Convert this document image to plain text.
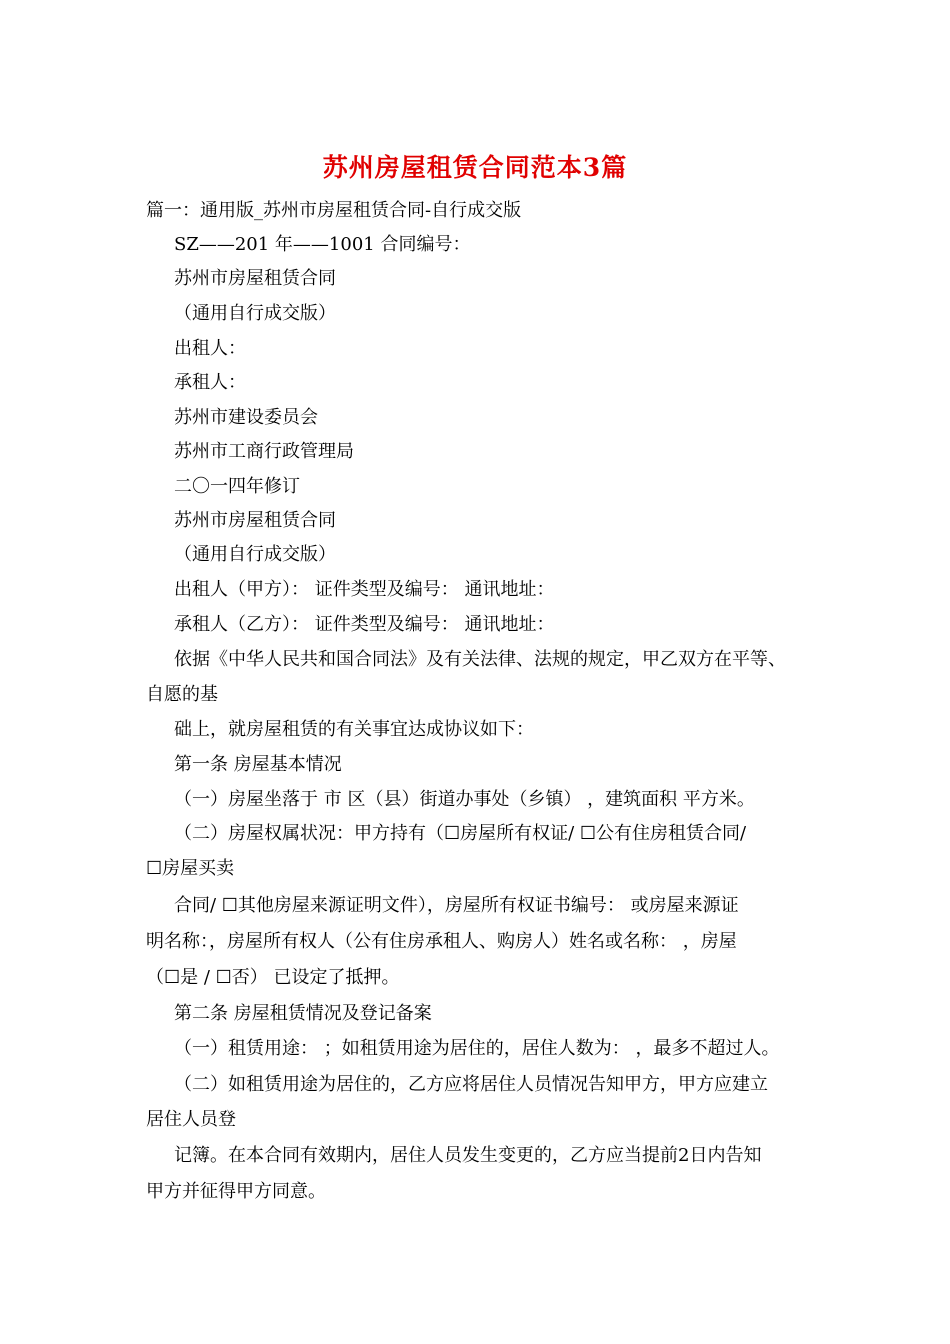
苏州房屋租赁合同范本3篇
篇一：通用版_苏州市房屋租赁合同-自行成交版
SZ——201 年——1001 合同编号：
苏州市房屋租赁合同
（通用自行成交版）
出租人：
承租人：
苏州市建设委员会
苏州市工商行政管理局
二〇一四年修订
苏州市房屋租赁合同
（通用自行成交版）
出租人（甲方）： 证件类型及编号： 通讯地址：
承租人（乙方）： 证件类型及编号： 通讯地址：
依据《中华人民共和国合同法》及有关法律、法规的规定，甲乙双方在平等、
自愿的基
础上，就房屋租赁的有关事宜达成协议如下：
第一条 房屋基本情况
（一）房屋坐落于 市 区（县）街道办事处（乡镇） ，建筑面积 平方米。
（二）房屋权属状况：甲方持有（☐房屋所有权证/ ☐公有住房租赁合同/
☐房屋买卖
合同/ ☐其他房屋来源证明文件），房屋所有权证书编号： 或房屋来源证
明名称：，房屋所有权人（公有住房承租人、购房人）姓名或名称： ，房屋
（☐是 / ☐否） 已设定了抵押。
第二条 房屋租赁情况及登记备案
（一）租赁用途： ；如租赁用途为居住的，居住人数为： ，最多不超过人。
（二）如租赁用途为居住的，乙方应将居住人员情况告知甲方，甲方应建立
居住人员登
记簿。在本合同有效期内，居住人员发生变更的，乙方应当提前2日内告知
甲方并征得甲方同意。
